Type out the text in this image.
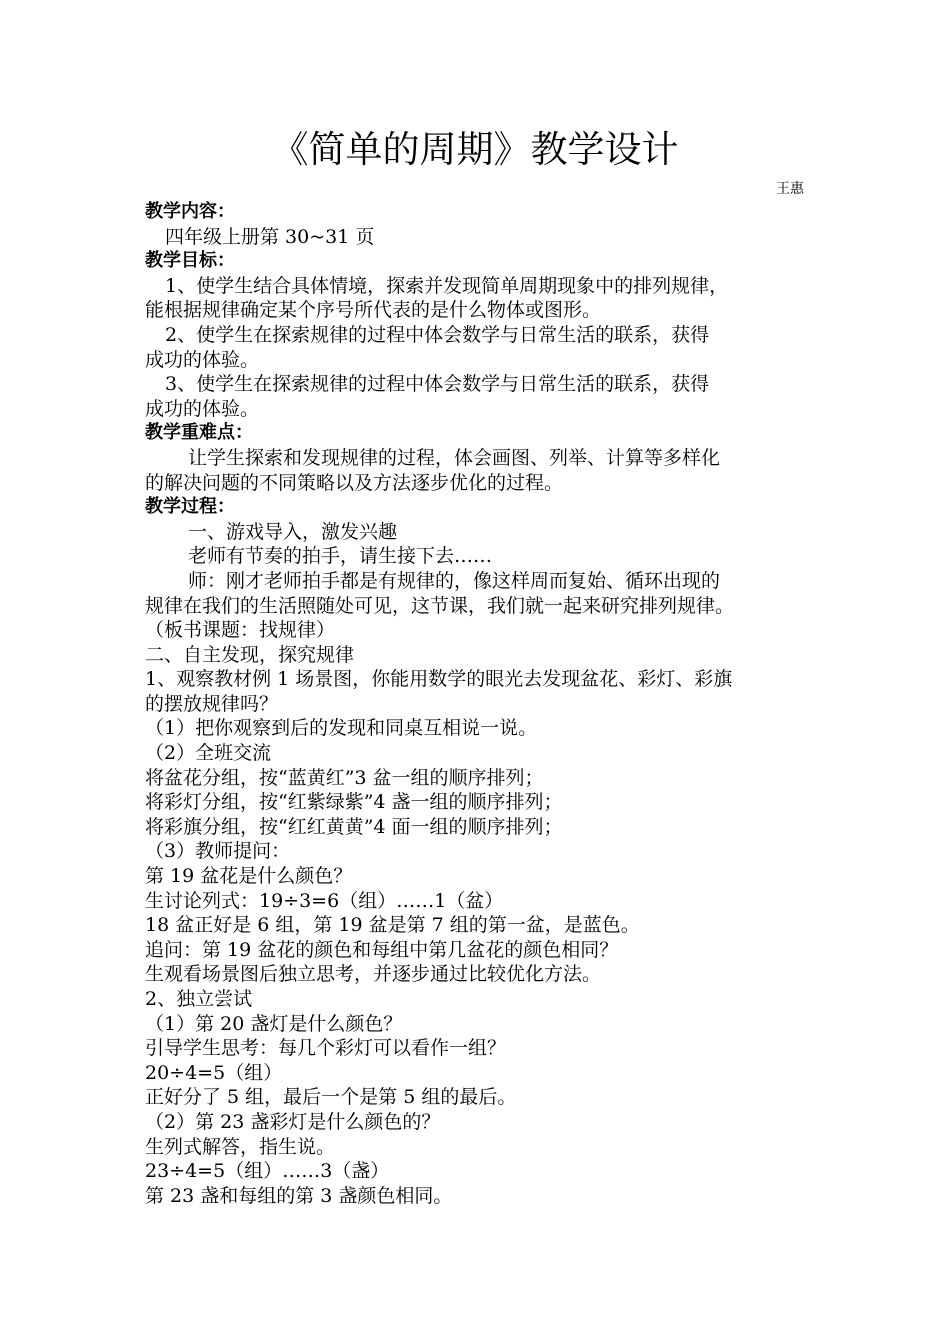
《简单的周期》教学设计
王惠
教学内容：
四年级上册第 30~31 页
教学目标：
1、使学生结合具体情境，探索并发现简单周期现象中的排列规律，
能根据规律确定某个序号所代表的是什么物体或图形。
2、使学生在探索规律的过程中体会数学与日常生活的联系，获得
成功的体验。
3、使学生在探索规律的过程中体会数学与日常生活的联系，获得
成功的体验。
教学重难点：
让学生探索和发现规律的过程，体会画图、列举、计算等多样化
的解决问题的不同策略以及方法逐步优化的过程。
教学过程：
一、游戏导入，激发兴趣
老师有节奏的拍手，请生接下去……
师：刚才老师拍手都是有规律的，像这样周而复始、循环出现的
规律在我们的生活照随处可见，这节课，我们就一起来研究排列规律。
（板书课题：找规律）
二、自主发现，探究规律
1、观察教材例 1 场景图，你能用数学的眼光去发现盆花、彩灯、彩旗
的摆放规律吗？
（1）把你观察到后的发现和同桌互相说一说。
（2）全班交流
将盆花分组，按“蓝黄红”3 盆一组的顺序排列；
将彩灯分组，按“红紫绿紫”4 盏一组的顺序排列；
将彩旗分组，按“红红黄黄”4 面一组的顺序排列；
（3）教师提问：
第 19 盆花是什么颜色？
生讨论列式：19÷3=6（组）……1（盆）
18 盆正好是 6 组，第 19 盆是第 7 组的第一盆，是蓝色。
追问：第 19 盆花的颜色和每组中第几盆花的颜色相同？
生观看场景图后独立思考，并逐步通过比较优化方法。
2、独立尝试
（1）第 20 盏灯是什么颜色？
引导学生思考：每几个彩灯可以看作一组？
20÷4=5（组）
正好分了 5 组，最后一个是第 5 组的最后。
（2）第 23 盏彩灯是什么颜色的？
生列式解答，指生说。
23÷4=5（组）……3（盏）
第 23 盏和每组的第 3 盏颜色相同。
